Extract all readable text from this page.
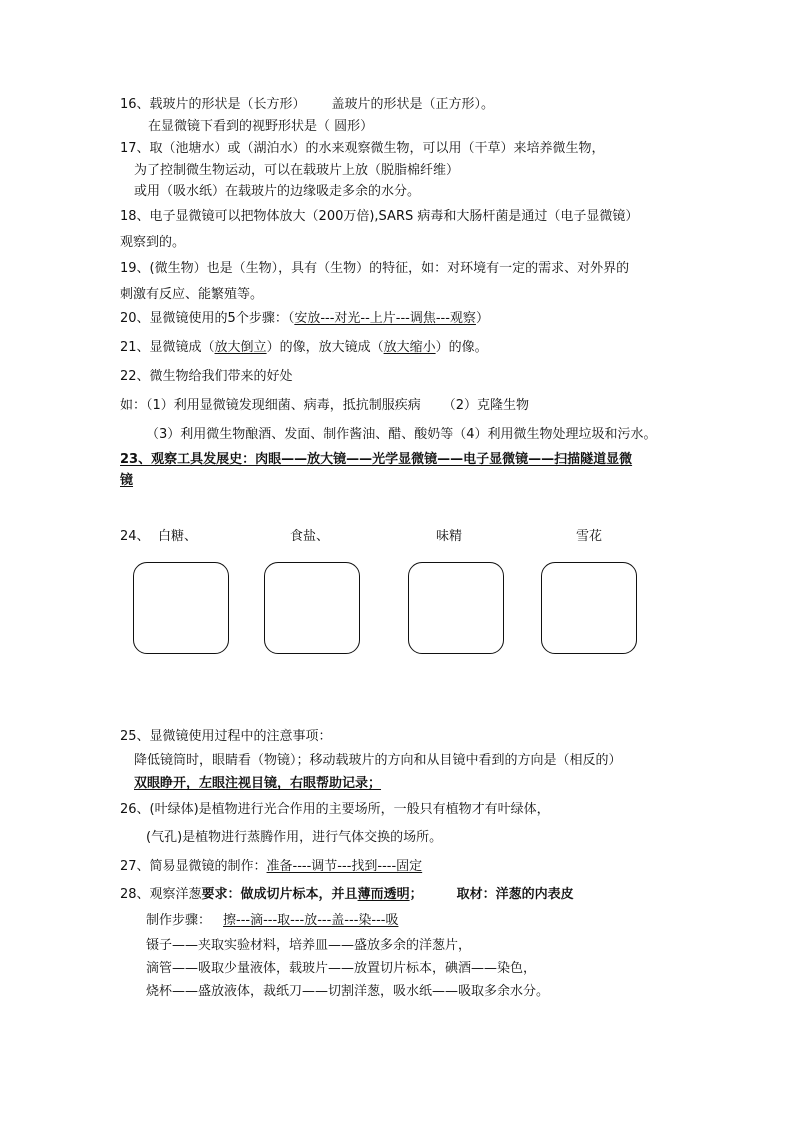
16、载玻片的形状是（长方形） 盖玻片的形状是（正方形）。
在显微镜下看到的视野形状是（ 圆形）
17、取（池塘水）或（湖泊水）的水来观察微生物，可以用（干草）来培养微生物，
为了控制微生物运动，可以在载玻片上放（脱脂棉纤维）
或用（吸水纸）在载玻片的边缘吸走多余的水分。
18、电子显微镜可以把物体放大（200万倍),SARS 病毒和大肠杆菌是通过（电子显微镜）
观察到的。
19、(微生物）也是（生物），具有（生物）的特征，如：对环境有一定的需求、对外界的
刺激有反应、能繁殖等。
20、显微镜使用的5个步骤：（安放---对光--上片---调焦---观察）
21、显微镜成（放大倒立）的像，放大镜成（放大缩小）的像。
22、微生物给我们带来的好处
如：（1）利用显微镜发现细菌、病毒，抵抗制服疾病 （2）克隆生物
（3）利用微生物酿酒、发面、制作酱油、醋、酸奶等（4）利用微生物处理垃圾和污水。
23、观察工具发展史：肉眼——放大镜——光学显微镜——电子显微镜——扫描隧道显微
镜
24、 白糖、	食盐、	味精	雪花
25、显微镜使用过程中的注意事项：
降低镜筒时，眼睛看（物镜）；移动载玻片的方向和从目镜中看到的方向是（相反的）
双眼睁开，左眼注视目镜，右眼帮助记录；
26、(叶绿体)是植物进行光合作用的主要场所，一般只有植物才有叶绿体，
(气孔)是植物进行蒸腾作用，进行气体交换的场所。
27、简易显微镜的制作：准备----调节---找到----固定
28、观察洋葱要求：做成切片标本，并且薄而透明；	取材：洋葱的内表皮
制作步骤： 擦---滴---取---放---盖---染---吸
镊子——夹取实验材料，培养皿——盛放多余的洋葱片，
滴管——吸取少量液体，载玻片——放置切片标本，碘酒——染色，
烧杯——盛放液体，裁纸刀——切割洋葱，吸水纸——吸取多余水分。
